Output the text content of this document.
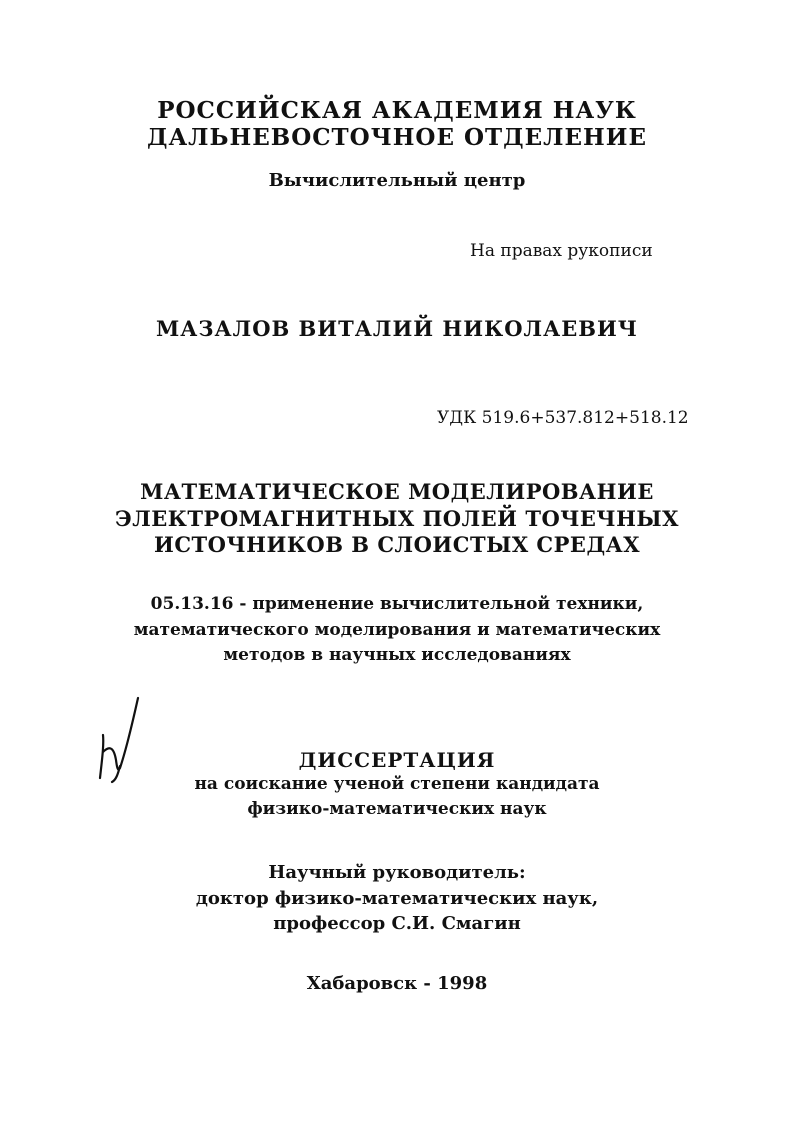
РОССИЙСКАЯ АКАДЕМИЯ НАУК
ДАЛЬНЕВОСТОЧНОЕ ОТДЕЛЕНИЕ
Вычислительный центр
На правах рукописи
МАЗАЛОВ ВИТАЛИЙ НИКОЛАЕВИЧ
УДК 519.6+537.812+518.12
МАТЕМАТИЧЕСКОЕ МОДЕЛИРОВАНИЕ
ЭЛЕКТРОМАГНИТНЫХ ПОЛЕЙ ТОЧЕЧНЫХ
ИСТОЧНИКОВ В СЛОИСТЫХ СРЕДАХ
05.13.16 - применение вычислительной техники,
математического моделирования и математических
методов в научных исследованиях
ДИССЕРТАЦИЯ
на соискание ученой степени кандидата
физико-математических наук
Научный руководитель:
доктор физико-математических наук,
профессор С.И. Смагин
Хабаровск - 1998
